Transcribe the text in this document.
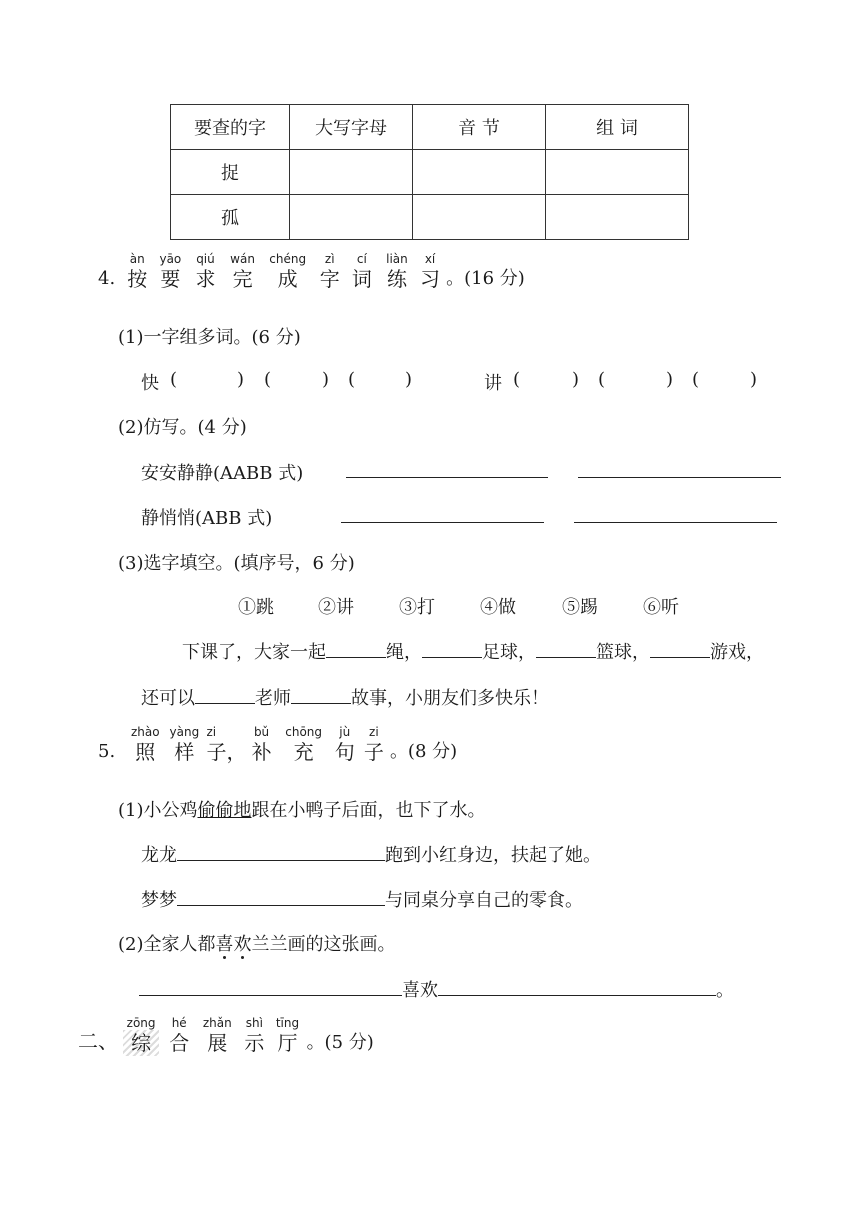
要查的字	大写字母	音 节	组 词
捉			
孤			
4.
àn
按

yāo
要

qiú
求

wán
完

chéng
成

zì
字

cí
词

liàn
练

xí
习 。(16 分)
(1)一字组多词。(6 分)
快 (	) (	) (	)	讲 (	) (	) (	)
(2)仿写。(4 分)
安安静静(AABB 式)
静悄悄(ABB 式)
(3)选字填空。(填序号，6 分)
①跳 ②讲	③打	④做	⑤踢	⑥听
下课了，大家一起	绳，	足球，	篮球，	游戏，
还可以	老师	故事，小朋友们多快乐！
5.
zhào
照

yàng
样

zi
子，

bǔ
补

chōng
充

jù
句

zi
子 。(8 分)
(1)小公鸡偷偷地跟在小鸭子后面，也下了水。
龙龙	跑到小红身边，扶起了她。
梦梦	与同桌分享自己的零食。
(2)全家人都喜欢兰兰画的这张画。
喜欢	。
二、
zōng
综

hé
合

zhǎn
展

shì
示

tīng
厅 。(5 分)
